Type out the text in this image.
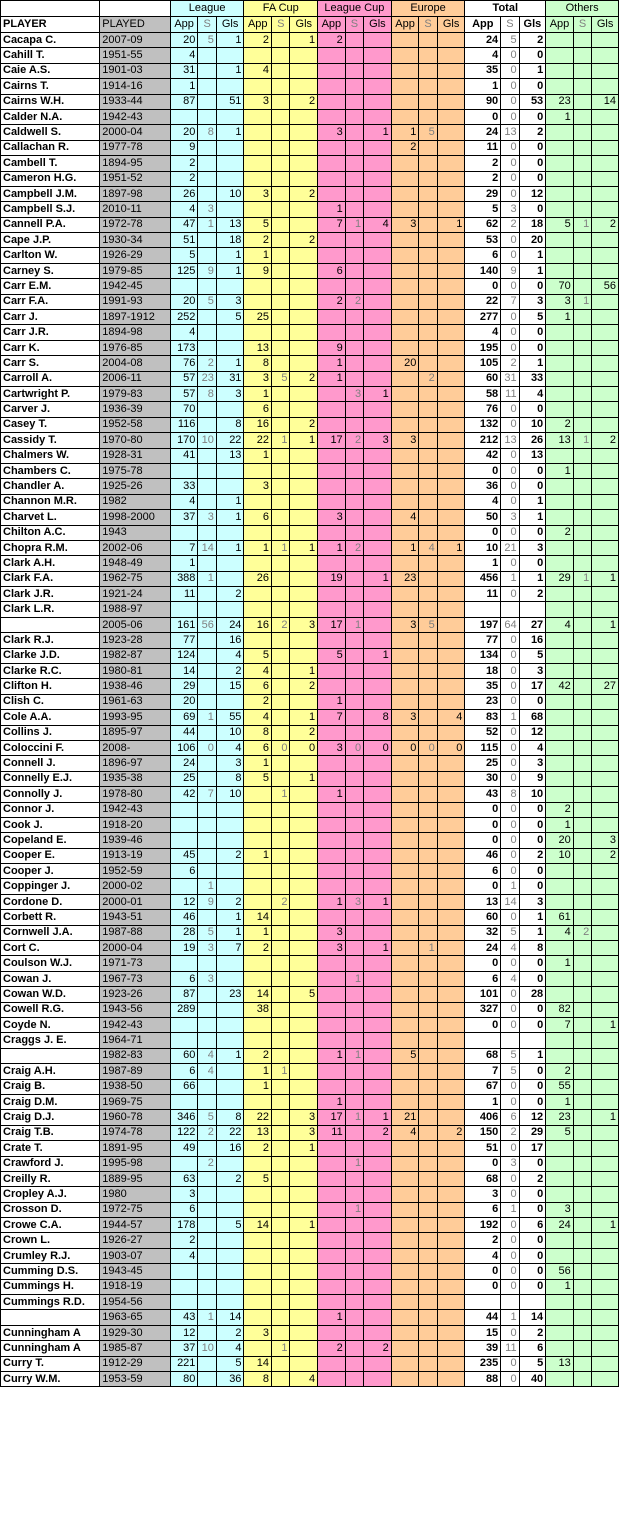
		League			FA Cup			League Cup			Europe			Total			Others		
PLAYER	PLAYED	App	S	Gls	App	S	Gls	App	S	Gls	App	S	Gls	App	S	Gls	App	S	Gls
Cacapa C.	2007-09	20	5	1	2		1	2						24	5	2			
Cahill T.	1951-55	4												4	0	0			
Caie A.S.	1901-03	31		1	4									35	0	1			
Cairns T.	1914-16	1												1	0	0			
Cairns W.H.	1933-44	87		51	3		2							90	0	53	23		14
Calder N.A.	1942-43													0	0	0	1		
Caldwell S.	2000-04	20	8	1				3		1	1	5		24	13	2			
Callachan R.	1977-78	9									2			11	0	0			
Cambell T.	1894-95	2												2	0	0			
Cameron H.G.	1951-52	2												2	0	0			
Campbell J.M.	1897-98	26		10	3		2							29	0	12			
Campbell S.J.	2010-11	4	3					1						5	3	0			
Cannell P.A.	1972-78	47	1	13	5			7	1	4	3		1	62	2	18	5	1	2
Cape J.P.	1930-34	51		18	2		2							53	0	20			
Carlton W.	1926-29	5		1	1									6	0	1			
Carney S.	1979-85	125	9	1	9			6						140	9	1			
Carr E.M.	1942-45													0	0	0	70		56
Carr F.A.	1991-93	20	5	3				2	2					22	7	3	3	1	
Carr J.	1897-1912	252		5	25									277	0	5	1		
Carr J.R.	1894-98	4												4	0	0			
Carr K.	1976-85	173			13			9						195	0	0			
Carr S.	2004-08	76	2	1	8			1			20			105	2	1			
Carroll A.	2006-11	57	23	31	3	5	2	1				2		60	31	33			
Cartwright P.	1979-83	57	8	3	1				3	1				58	11	4			
Carver J.	1936-39	70			6									76	0	0			
Casey T.	1952-58	116		8	16		2							132	0	10	2		
Cassidy T.	1970-80	170	10	22	22	1	1	17	2	3	3			212	13	26	13	1	2
Chalmers W.	1928-31	41		13	1									42	0	13			
Chambers C.	1975-78													0	0	0	1		
Chandler A.	1925-26	33			3									36	0	0			
Channon M.R.	1982	4		1										4	0	1			
Charvet L.	1998-2000	37	3	1	6			3			4			50	3	1			
Chilton A.C.	1943													0	0	0	2		
Chopra R.M.	2002-06	7	14	1	1	1	1	1	2		1	4	1	10	21	3			
Clark A.H.	1948-49	1												1	0	0			
Clark F.A.	1962-75	388	1		26			19		1	23			456	1	1	29	1	1
Clark J.R.	1921-24	11		2										11	0	2			
Clark L.R.	1988-97																		
	2005-06	161	56	24	16	2	3	17	1		3	5		197	64	27	4		1
Clark R.J.	1923-28	77		16										77	0	16			
Clarke J.D.	1982-87	124		4	5			5		1				134	0	5			
Clarke R.C.	1980-81	14		2	4		1							18	0	3			
Clifton H.	1938-46	29		15	6		2							35	0	17	42		27
Clish C.	1961-63	20			2			1						23	0	0			
Cole A.A.	1993-95	69	1	55	4		1	7		8	3		4	83	1	68			
Collins J.	1895-97	44		10	8		2							52	0	12			
Coloccini F.	2008-	106	0	4	6	0	0	3	0	0	0	0	0	115	0	4			
Connell J.	1896-97	24		3	1									25	0	3			
Connelly E.J.	1935-38	25		8	5		1							30	0	9			
Connolly J.	1978-80	42	7	10		1		1						43	8	10			
Connor J.	1942-43													0	0	0	2		
Cook J.	1918-20													0	0	0	1		
Copeland E.	1939-46													0	0	0	20		3
Cooper E.	1913-19	45		2	1									46	0	2	10		2
Cooper J.	1952-59	6												6	0	0			
Coppinger J.	2000-02		1											0	1	0			
Cordone D.	2000-01	12	9	2		2		1	3	1				13	14	3			
Corbett R.	1943-51	46		1	14									60	0	1	61		
Cornwell J.A.	1987-88	28	5	1	1			3						32	5	1	4	2	
Cort C.	2000-04	19	3	7	2			3		1		1		24	4	8			
Coulson W.J.	1971-73													0	0	0	1		
Cowan J.	1967-73	6	3						1					6	4	0			
Cowan W.D.	1923-26	87		23	14		5							101	0	28			
Cowell R.G.	1943-56	289			38									327	0	0	82		
Coyde N.	1942-43													0	0	0	7		1
Craggs J. E.	1964-71																		
	1982-83	60	4	1	2			1	1		5			68	5	1			
Craig A.H.	1987-89	6	4		1	1								7	5	0	2		
Craig B.	1938-50	66			1									67	0	0	55		
Craig D.M.	1969-75							1						1	0	0	1		
Craig D.J.	1960-78	346	5	8	22		3	17	1	1	21			406	6	12	23		1
Craig T.B.	1974-78	122	2	22	13		3	11		2	4		2	150	2	29	5		
Crate T.	1891-95	49		16	2		1							51	0	17			
Crawford J.	1995-98		2						1					0	3	0			
Creilly R.	1889-95	63		2	5									68	0	2			
Cropley A.J.	1980	3												3	0	0			
Crosson D.	1972-75	6							1					6	1	0	3		
Crowe C.A.	1944-57	178		5	14		1							192	0	6	24		1
Crown L.	1926-27	2												2	0	0			
Crumley R.J.	1903-07	4												4	0	0			
Cumming D.S.	1943-45													0	0	0	56		
Cummings H.	1918-19													0	0	0	1		
Cummings R.D.	1954-56																		
	1963-65	43	1	14				1						44	1	14			
Cunningham A	1929-30	12		2	3									15	0	2			
Cunningham A	1985-87	37	10	4		1		2		2				39	11	6			
Curry T.	1912-29	221		5	14									235	0	5	13		
Curry W.M.	1953-59	80		36	8		4							88	0	40			
